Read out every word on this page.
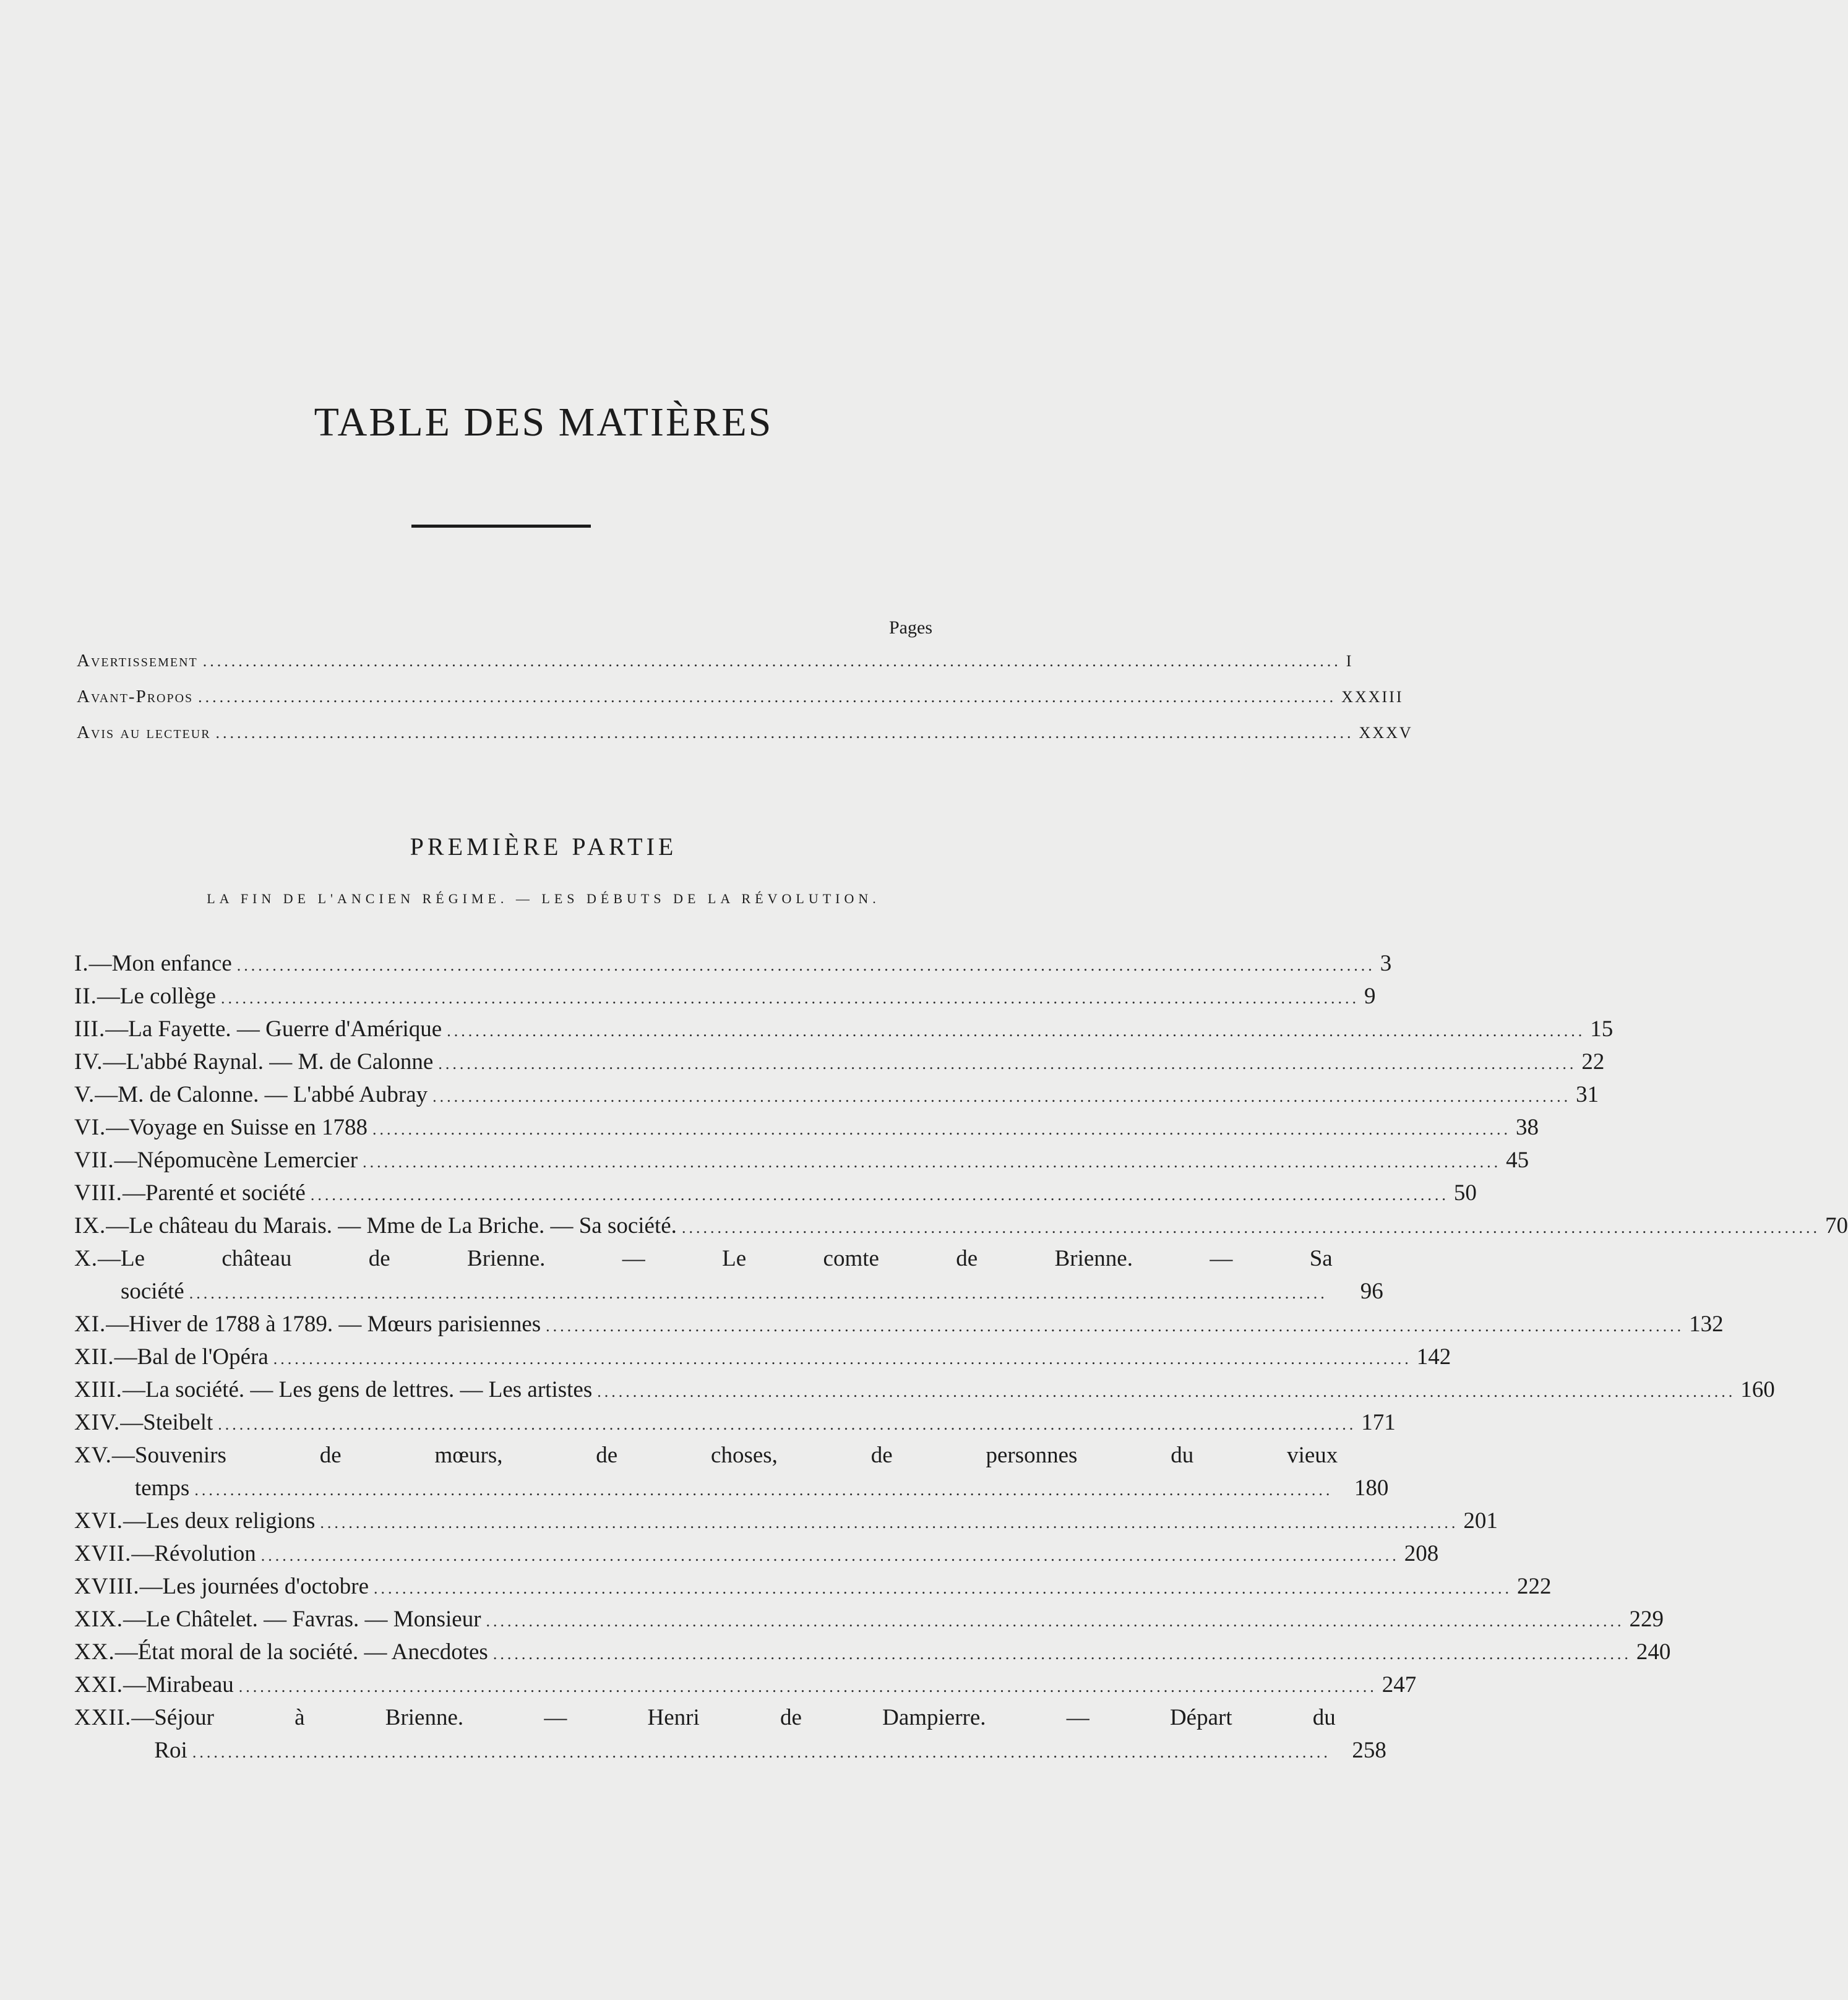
TABLE DES MATIÈRES
Pages
Avertissement .....	I
Avant-Propos .....	XXXIII
Avis au lecteur .....	XXXV
PREMIÈRE PARTIE
LA FIN DE L'ANCIEN RÉGIME. — LES DÉBUTS DE LA RÉVOLUTION.
I. — Mon enfance .....	3
II. — Le collège .....	9
III. — La Fayette. — Guerre d'Amérique .....	15
IV. — L'abbé Raynal. — M. de Calonne .....	22
V. — M. de Calonne. — L'abbé Aubray .....	31
VI. — Voyage en Suisse en 1788 .....	38
VII. — Népomucène Lemercier .....	45
VIII. — Parenté et société .....	50
IX. — Le château du Marais. — Mme de La Briche. — Sa société. .....	70
X. — Le château de Brienne. — Le comte de Brienne. — Sa
société .....	96
XI. — Hiver de 1788 à 1789. — Mœurs parisiennes .....	132
XII. — Bal de l'Opéra .....	142
XIII. — La société. — Les gens de lettres. — Les artistes .....	160
XIV. — Steibelt .....	171
XV. — Souvenirs de mœurs, de choses, de personnes du vieux
temps .....	180
XVI. — Les deux religions .....	201
XVII. — Révolution .....	208
XVIII. — Les journées d'octobre .....	222
XIX. — Le Châtelet. — Favras. — Monsieur .....	229
XX. — État moral de la société. — Anecdotes .....	240
XXI. — Mirabeau .....	247
XXII. — Séjour à Brienne. — Henri de Dampierre. — Départ du
Roi .....	258
